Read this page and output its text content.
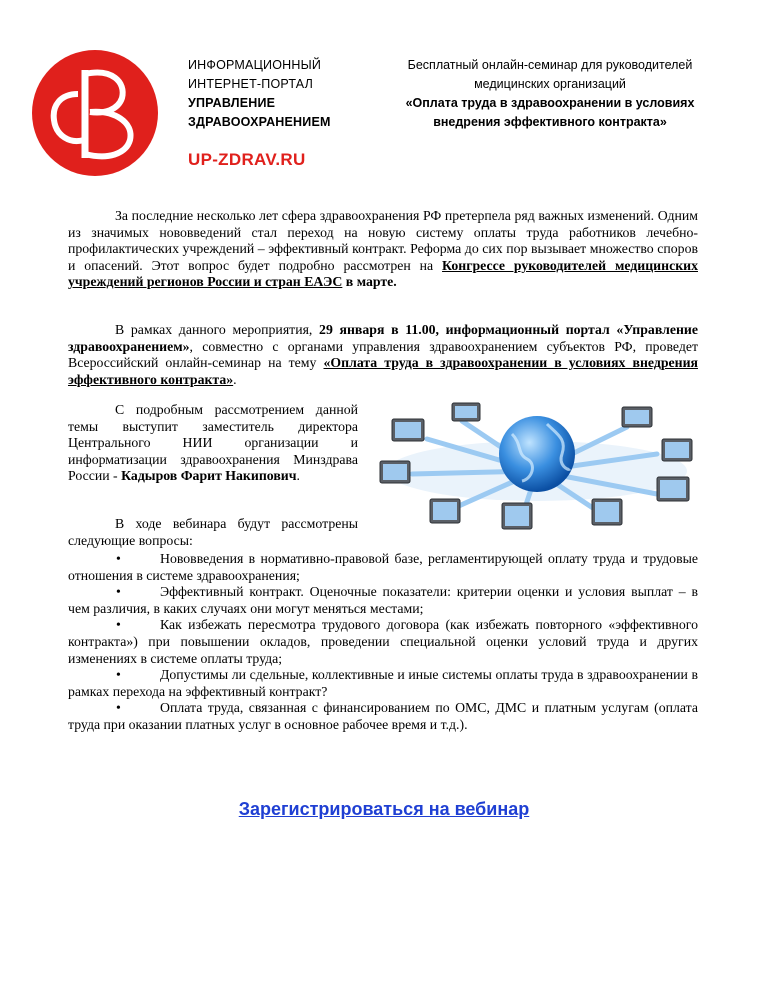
ИНФОРМАЦИОННЫЙ
ИНТЕРНЕТ-ПОРТАЛ
УПРАВЛЕНИЕ
ЗДРАВООХРАНЕНИЕМ
UP-ZDRAV.RU
Бесплатный онлайн-семинар для руководителей
медицинских организаций
«Оплата труда в здравоохранении в условиях
внедрения эффективного контракта»
За последние несколько лет сфера здравоохранения РФ претерпела ряд важных изменений. Одним из значимых нововведений стал переход на новую систему оплаты труда работников лечебно-профилактических учреждений – эффективный контракт. Реформа до сих пор вызывает множество споров и опасений. Этот вопрос будет подробно рассмотрен на Конгрессе руководителей медицинских учреждений регионов России и стран ЕАЭС в марте.
В рамках данного мероприятия, 29 января в 11.00, информационный портал «Управление здравоохранением», совместно с органами управления здравоохранением субъектов РФ, проведет Всероссийский онлайн-семинар на тему «Оплата труда в здравоохранении в условиях внедрения эффективного контракта».
С подробным рассмотрением данной темы выступит заместитель директора Центрального НИИ организации и информатизации здравоохранения Минздрава России - Кадыров Фарит Накипович.
В ходе вебинара будут рассмотрены следующие вопросы:

•	Нововведения в нормативно-правовой базе, регламентирующей оплату труда и трудовые отношения в системе здравоохранения;

•	Эффективный контракт. Оценочные показатели: критерии оценки и условия выплат – в чем различия, в каких случаях они могут меняться местами;

•	Как избежать пересмотра трудового договора (как избежать повторного «эффективного контракта») при повышении окладов, проведении специальной оценки условий труда и других изменениях в системе оплаты труда;

•	Допустимы ли сдельные, коллективные и иные системы оплаты труда в здравоохранении в рамках перехода на эффективный контракт?

•	Оплата труда, связанная с финансированием по ОМС, ДМС и платным услугам (оплата труда при оказании платных услуг в основное рабочее время и т.д.).

Зарегистрироваться на вебинар
